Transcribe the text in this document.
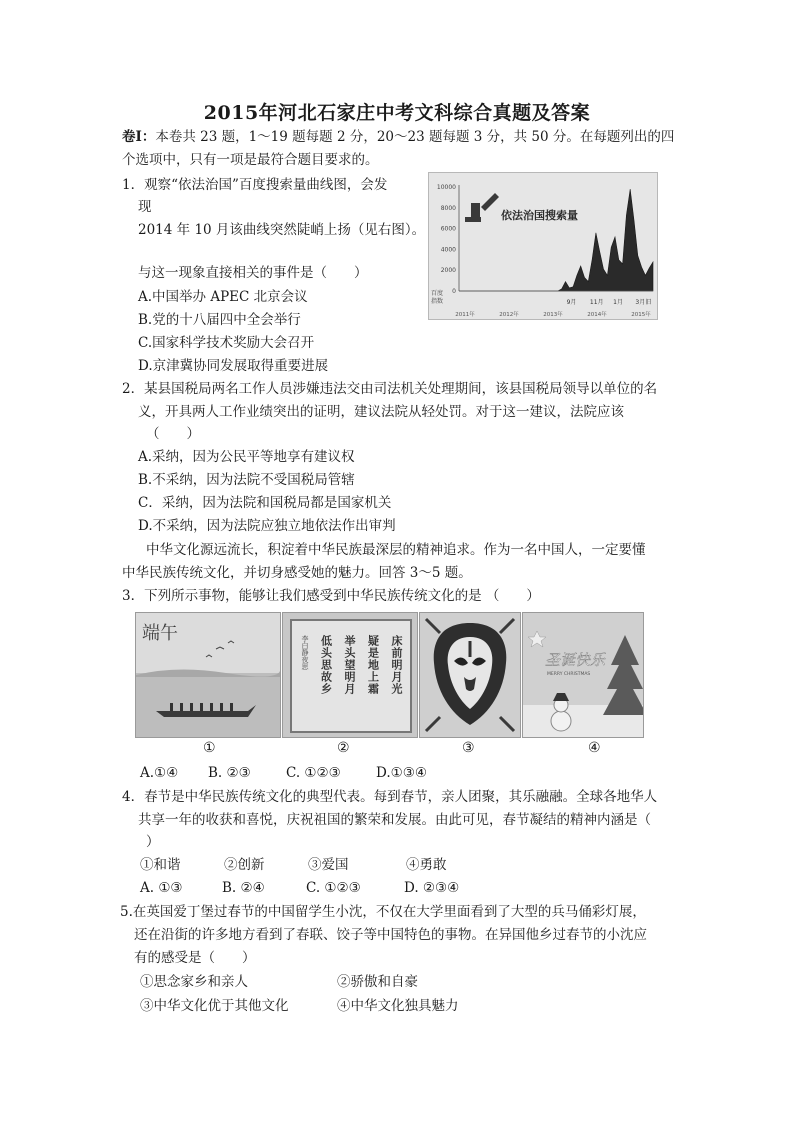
2015年河北石家庄中考文科综合真题及答案
卷Ⅰ：本卷共 23 题，1～19 题每题 2 分，20～23 题每题 3 分，共 50 分。在每题列出的四
个选项中，只有一项是最符合题目要求的。
1．观察“依法治国”百度搜索量曲线图，会发
现
2014 年 10 月该曲线突然陡峭上扬（见右图）。
与这一现象直接相关的事件是（　　）
A.中国举办 APEC 北京会议
B.党的十八届四中全会举行
C.国家科学技术奖励大会召开
D.京津冀协同发展取得重要进展
10000
8000
6000
4000
2000
0
9月 11月 1月 3月旧
依法治国搜索量
百度
指数
2011年	2012年	2013年	2014年	2015年
2．某县国税局两名工作人员涉嫌违法交由司法机关处理期间，该县国税局领导以单位的名
义，开具两人工作业绩突出的证明，建议法院从轻处罚。对于这一建议，法院应该
（　　）
A.采纳，因为公民平等地享有建议权
B.不采纳，因为法院不受国税局管辖
C．采纳，因为法院和国税局都是国家机关
D.不采纳，因为法院应独立地依法作出审判
中华文化源远流长，积淀着中华民族最深层的精神追求。作为一名中国人，一定要懂
中华民族传统文化，并切身感受她的魅力。回答 3～5 题。
3．下列所示事物，能够让我们感受到中华民族传统文化的是 （　　）
端午
床前明月光
疑是地上霜
举头望明月
低头思故乡
李白静夜思	圣诞快乐
MERRY CHRISTMAS
①	②	③	④
A.①④ B. ②③	C. ①②③	D.①③④
4．春节是中华民族传统文化的典型代表。每到春节，亲人团聚，其乐融融。全球各地华人
共享一年的收获和喜悦，庆祝祖国的繁荣和发展。由此可见，春节凝结的精神内涵是（
）
①和谐	②创新	③爱国	④勇敢
A. ①③	B. ②④	C. ①②③	D. ②③④
5.在英国爱丁堡过春节的中国留学生小沈，不仅在大学里面看到了大型的兵马俑彩灯展，
还在沿街的许多地方看到了春联、饺子等中国特色的事物。在异国他乡过春节的小沈应
有的感受是（　　）
①思念家乡和亲人	②骄傲和自豪
③中华文化优于其他文化	④中华文化独具魅力
